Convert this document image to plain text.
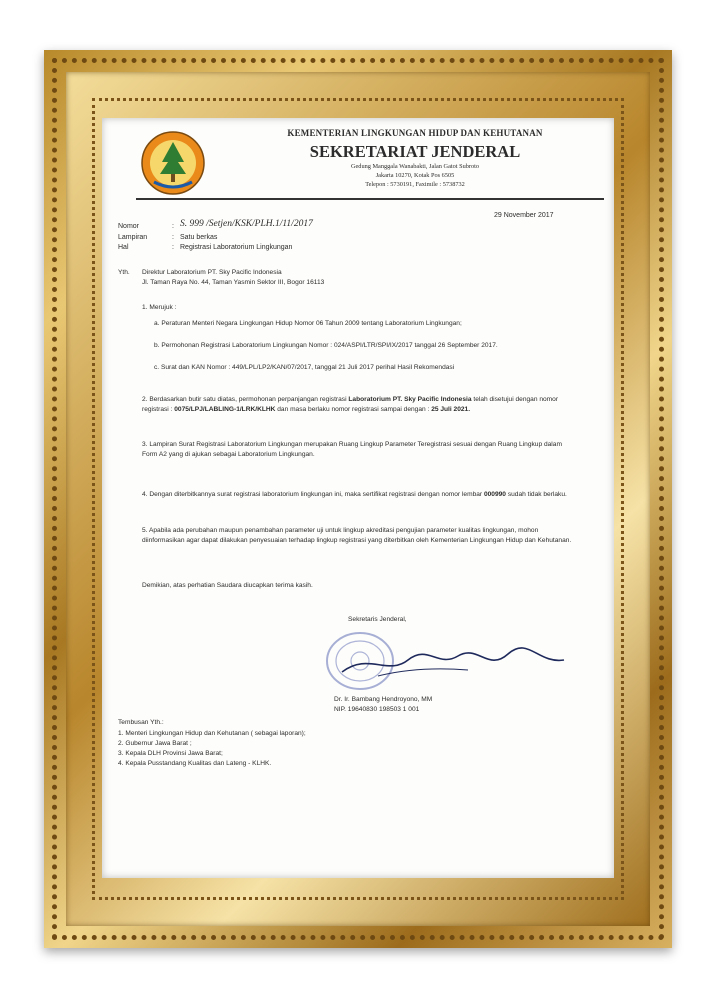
KEMENTERIAN LINGKUNGAN HIDUP DAN KEHUTANAN
SEKRETARIAT JENDERAL
Gedung Manggala Wanabakti, Jalan Gatot Subroto
Jakarta 10270, Kotak Pos 6505
Telepon : 5730191, Faximile : 5738732
29 November 2017
Nomor	: S. 999 /Setjen/KSK/PLH.1/11/2017
Lampiran	: Satu berkas
Hal	: Registrasi Laboratorium Lingkungan
Yth. Direktur Laboratorium PT. Sky Pacific Indonesia
Jl. Taman Raya No. 44, Taman Yasmin Sektor III, Bogor 16113
1. Merujuk :
a. Peraturan Menteri Negara Lingkungan Hidup Nomor 06 Tahun 2009 tentang Laboratorium Lingkungan;
b. Permohonan Registrasi Laboratorium Lingkungan Nomor : 024/ASPI/LTR/SPI/IX/2017 tanggal 26 September 2017.
c. Surat dan KAN Nomor : 449/LPL/LP2/KAN/07/2017, tanggal 21 Juli 2017 perihal Hasil Rekomendasi
2. Berdasarkan butir satu diatas, permohonan perpanjangan registrasi Laboratorium PT. Sky Pacific Indonesia telah disetujui dengan nomor registrasi : 0075/LPJ/LABLING-1/LRK/KLHK dan masa berlaku nomor registrasi sampai dengan : 25 Juli 2021.
3. Lampiran Surat Registrasi Laboratorium Lingkungan merupakan Ruang Lingkup Parameter Teregistrasi sesuai dengan Ruang Lingkup dalam Form A2 yang di ajukan sebagai Laboratorium Lingkungan.
4. Dengan diterbitkannya surat registrasi laboratorium lingkungan ini, maka sertifikat registrasi dengan nomor lembar 000990 sudah tidak berlaku.
5. Apabila ada perubahan maupun penambahan parameter uji untuk lingkup akreditasi pengujian parameter kualitas lingkungan, mohon diinformasikan agar dapat dilakukan penyesuaian terhadap lingkup registrasi yang diterbitkan oleh Kementerian Lingkungan Hidup dan Kehutanan.
Demikian, atas perhatian Saudara diucapkan terima kasih.
Sekretaris Jenderal,
Dr. Ir. Bambang Hendroyono, MM
NIP. 19640830 198503 1 001
Tembusan Yth.:
1. Menteri Lingkungan Hidup dan Kehutanan ( sebagai laporan);
2. Gubernur Jawa Barat ;
3. Kepala DLH Provinsi Jawa Barat;
4. Kepala Pusstandang Kualitas dan Lateng - KLHK.
